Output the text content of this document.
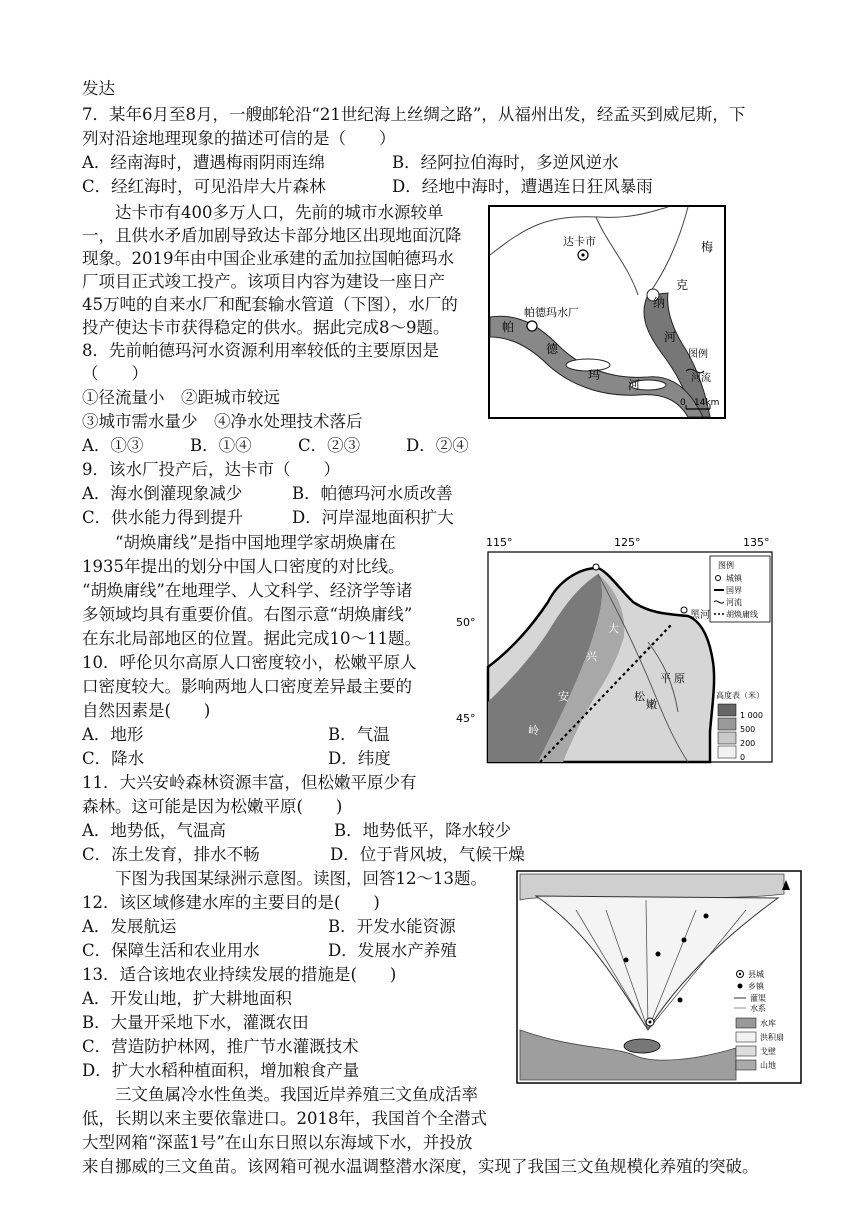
发达
7．某年6月至8月，一艘邮轮沿“21世纪海上丝绸之路”，从福州出发，经孟买到威尼斯，下
列对沿途地理现象的描述可信的是（　　）
A．经南海时，遭遇梅雨阴雨连绵	B．经阿拉伯海时，多逆风逆水
C．经红海时，可见沿岸大片森林	D．经地中海时，遭遇连日狂风暴雨
　　达卡市有400多万人口，先前的城市水源较单
一，且供水矛盾加剧导致达卡部分地区出现地面沉降
现象。2019年由中国企业承建的孟加拉国帕德玛水
厂项目正式竣工投产。该项目内容为建设一座日产
45万吨的自来水厂和配套输水管道（下图），水厂的
投产使达卡市获得稳定的供水。据此完成8～9题。
8．先前帕德玛河水资源利用率较低的主要原因是
（　　）
①径流量小　②距城市较远
③城市需水量少　④净水处理技术落后
A．①③	B．①④	C．②③	D．②④
9．该水厂投产后，达卡市（　　）
A．海水倒灌现象减少	B．帕德玛河水质改善
C．供水能力得到提升	D．河岸湿地面积扩大
　　“胡焕庸线”是指中国地理学家胡焕庸在
1935年提出的划分中国人口密度的对比线。
“胡焕庸线”在地理学、人文科学、经济学等诸
多领域均具有重要价值。右图示意“胡焕庸线”
在东北局部地区的位置。据此完成10～11题。
10．呼伦贝尔高原人口密度较小，松嫩平原人
口密度较大。影响两地人口密度差异最主要的
自然因素是(　　)
A．地形	B．气温
C．降水	D．纬度
11．大兴安岭森林资源丰富，但松嫩平原少有
森林。这可能是因为松嫩平原(　　)
A．地势低，气温高	B．地势低平，降水较少
C．冻土发育，排水不畅	D．位于背风坡，气候干燥
　　下图为我国某绿洲示意图。读图，回答12～13题。
12．该区域修建水库的主要目的是(　　)
A．发展航运	B．开发水能资源
C．保障生活和农业用水	D．发展水产养殖
13．适合该地农业持续发展的措施是(　　)
A．开发山地，扩大耕地面积
B．大量开采地下水，灌溉农田
C．营造防护林网，推广节水灌溉技术
D．扩大水稻种植面积，增加粮食产量
　　三文鱼属冷水性鱼类。我国近岸养殖三文鱼成活率
低，长期以来主要依靠进口。2018年，我国首个全潜式
大型网箱“深蓝1号”在山东日照以东海域下水，并投放
来自挪威的三文鱼苗。该网箱可视水温调整潜水深度，实现了我国三文鱼规模化养殖的突破。
达卡市
帕德玛水厂
梅
克
纳
河
帕
德
玛
河
图例
河流
0 14km
115°	125°	135°
50°
45°
黑河
大
兴
安
岭
松
嫩
平 原
图例
城镇
国界
河流
胡焕庸线
高度表（米）
1 000
500
200
0
县城
乡镇
灌渠
水系
水库
洪积扇
戈壁
山地
